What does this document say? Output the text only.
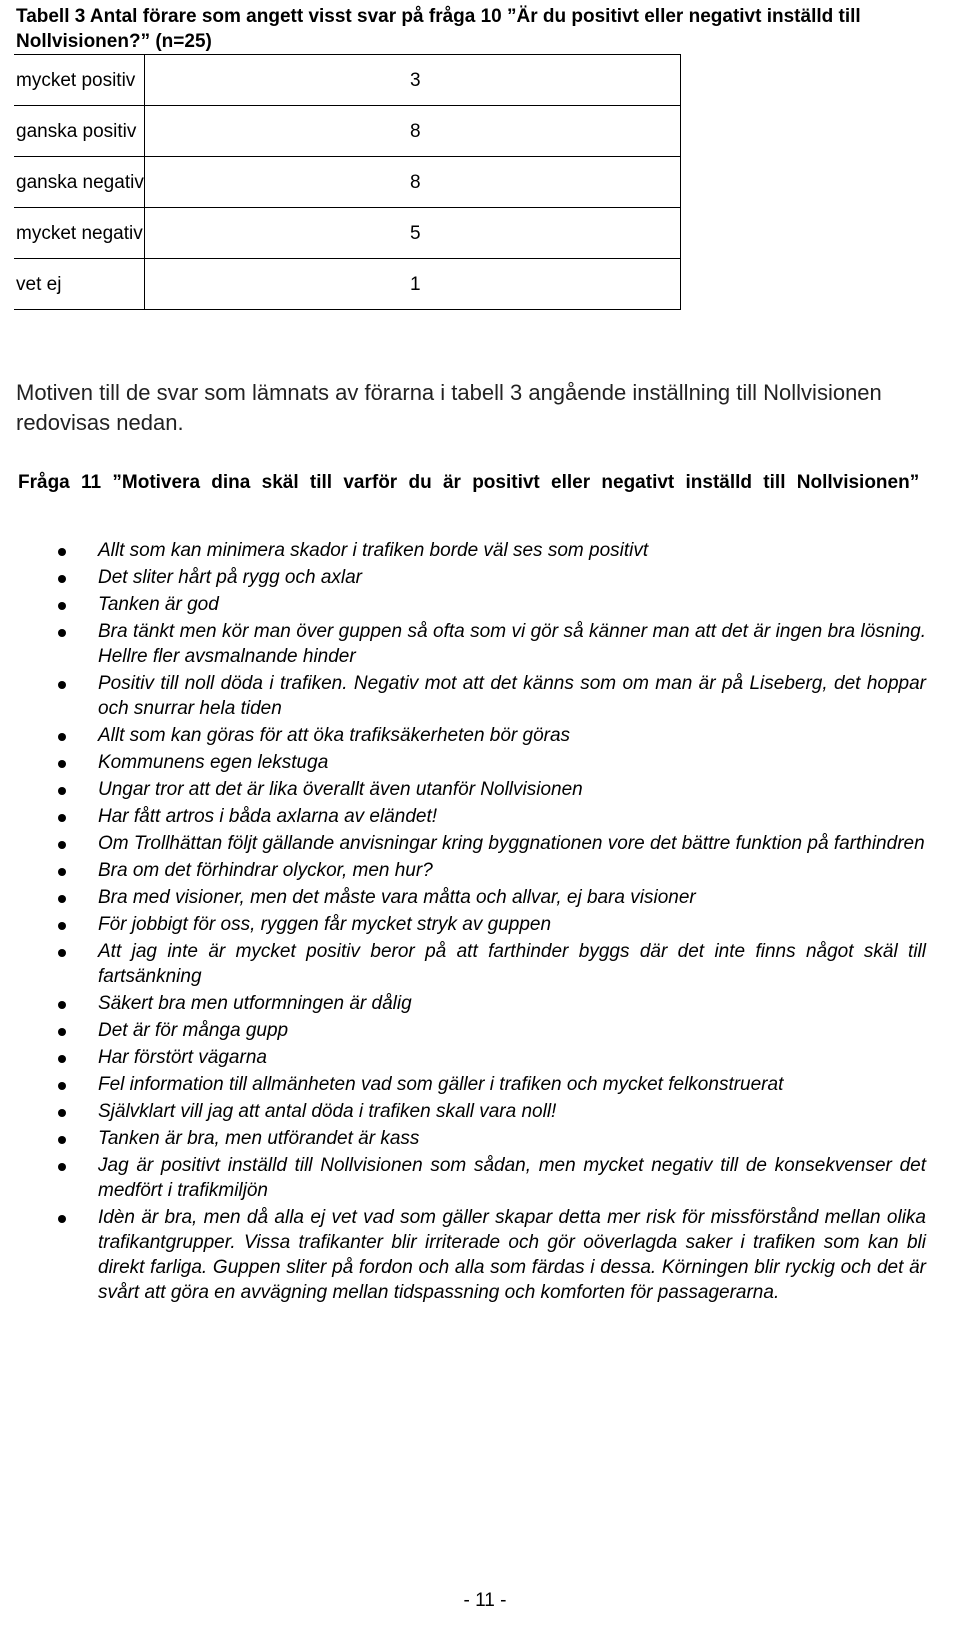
Tabell 3 Antal förare som angett visst svar på fråga 10 ”Är du positivt eller negativt inställd till Nollvisionen?” (n=25)
mycket positiv	3
ganska positiv	8
ganska negativ	8
mycket negativ	5
vet ej	1
Motiven till de svar som lämnats av förarna i tabell 3 angående inställning till Nollvisionen redovisas nedan.
Fråga 11 ”Motivera dina skäl till varför du är positivt eller negativt inställd till Nollvisionen”
Allt som kan minimera skador i trafiken borde väl ses som positivt
Det sliter hårt på rygg och axlar
Tanken är god
Bra tänkt men kör man över guppen så ofta som vi gör så känner man att det är ingen bra lösning. Hellre fler avsmalnande hinder
Positiv till noll döda i trafiken. Negativ mot att det känns som om man är på Liseberg, det hoppar och snurrar hela tiden
Allt som kan göras för att öka trafiksäkerheten bör göras
Kommunens egen lekstuga
Ungar tror att det är lika överallt även utanför Nollvisionen
Har fått artros i båda axlarna av eländet!
Om Trollhättan följt gällande anvisningar kring byggnationen vore det bättre funktion på farthindren
Bra om det förhindrar olyckor, men hur?
Bra med visioner, men det måste vara måtta och allvar, ej bara visioner
För jobbigt för oss, ryggen får mycket stryk av guppen
Att jag inte är mycket positiv beror på att farthinder byggs där det inte finns något skäl till fartsänkning
Säkert bra men utformningen är dålig
Det är för många gupp
Har förstört vägarna
Fel information till allmänheten vad som gäller i trafiken och mycket felkonstruerat
Självklart vill jag att antal döda i trafiken skall vara noll!
Tanken är bra, men utförandet är kass
Jag är positivt inställd till Nollvisionen som sådan, men mycket negativ till de konsekvenser det medfört i trafikmiljön
Idèn är bra, men då alla ej vet vad som gäller skapar detta mer risk för missförstånd mellan olika trafikantgrupper. Vissa trafikanter blir irriterade och gör oöverlagda saker i trafiken som kan bli direkt farliga. Guppen sliter på fordon och alla som färdas i dessa. Körningen blir ryckig och det är svårt att göra en avvägning mellan tidspassning och komforten för passagerarna.
- 11 -
